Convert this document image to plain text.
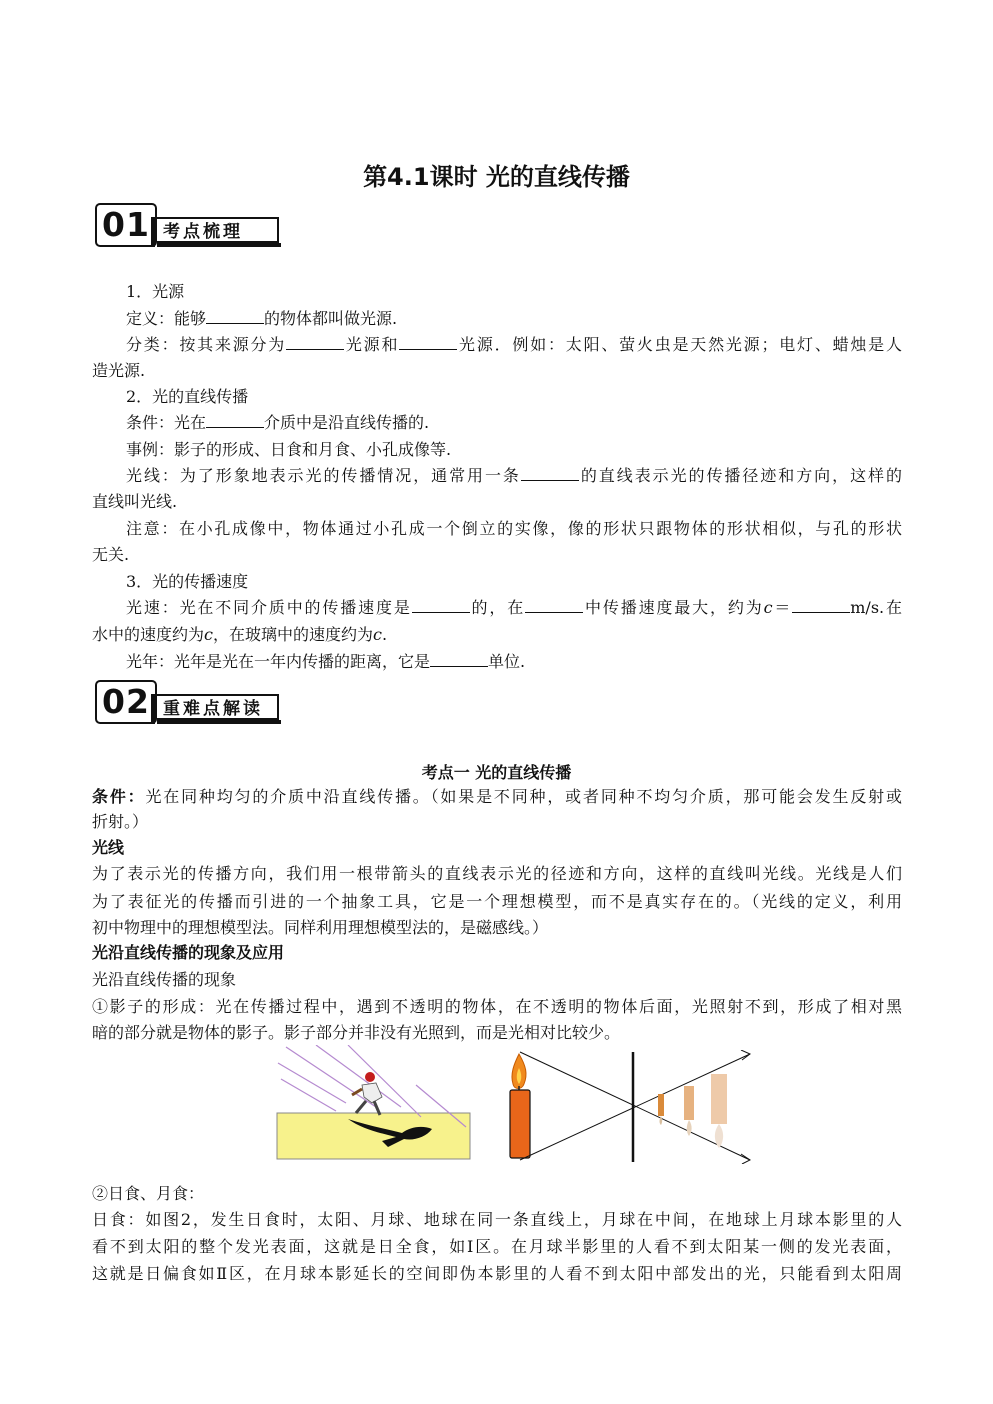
第4.1课时 光的直线传播
01 考点梳理
1．光源
定义：能够	的物体都叫做光源.
分类：按其来源分为	光源和	光源．例如：太阳、萤火虫是天然光源；电灯、蜡烛是人
造光源.
2．光的直线传播
条件：光在	介质中是沿直线传播的.
事例：影子的形成、日食和月食、小孔成像等.
光线：为了形象地表示光的传播情况，通常用一条	的直线表示光的传播径迹和方向，这样的
直线叫光线.
注意：在小孔成像中，物体通过小孔成一个倒立的实像，像的形状只跟物体的形状相似，与孔的形状
无关.
3．光的传播速度
光速：光在不同介质中的传播速度是	的，在	中传播速度最大，约为c＝	m/s.在
水中的速度约为c，在玻璃中的速度约为c.
光年：光年是光在一年内传播的距离，它是	单位.
02 重难点解读
考点一 光的直线传播
条件：光在同种均匀的介质中沿直线传播。（如果是不同种，或者同种不均匀介质，那可能会发生反射或
折射。）
光线
为了表示光的传播方向，我们用一根带箭头的直线表示光的径迹和方向，这样的直线叫光线。光线是人们
为了表征光的传播而引进的一个抽象工具，它是一个理想模型，而不是真实存在的。（光线的定义，利用
初中物理中的理想模型法。同样利用理想模型法的，是磁感线。）
光沿直线传播的现象及应用
光沿直线传播的现象
①影子的形成：光在传播过程中，遇到不透明的物体，在不透明的物体后面，光照射不到，形成了相对黑
暗的部分就是物体的影子。影子部分并非没有光照到，而是光相对比较少。
②日食、月食：
日食：如图2，发生日食时，太阳、月球、地球在同一条直线上，月球在中间，在地球上月球本影里的人
看不到太阳的整个发光表面，这就是日全食，如Ⅰ区。在月球半影里的人看不到太阳某一侧的发光表面，
这就是日偏食如Ⅱ区，在月球本影延长的空间即伪本影里的人看不到太阳中部发出的光，只能看到太阳周
